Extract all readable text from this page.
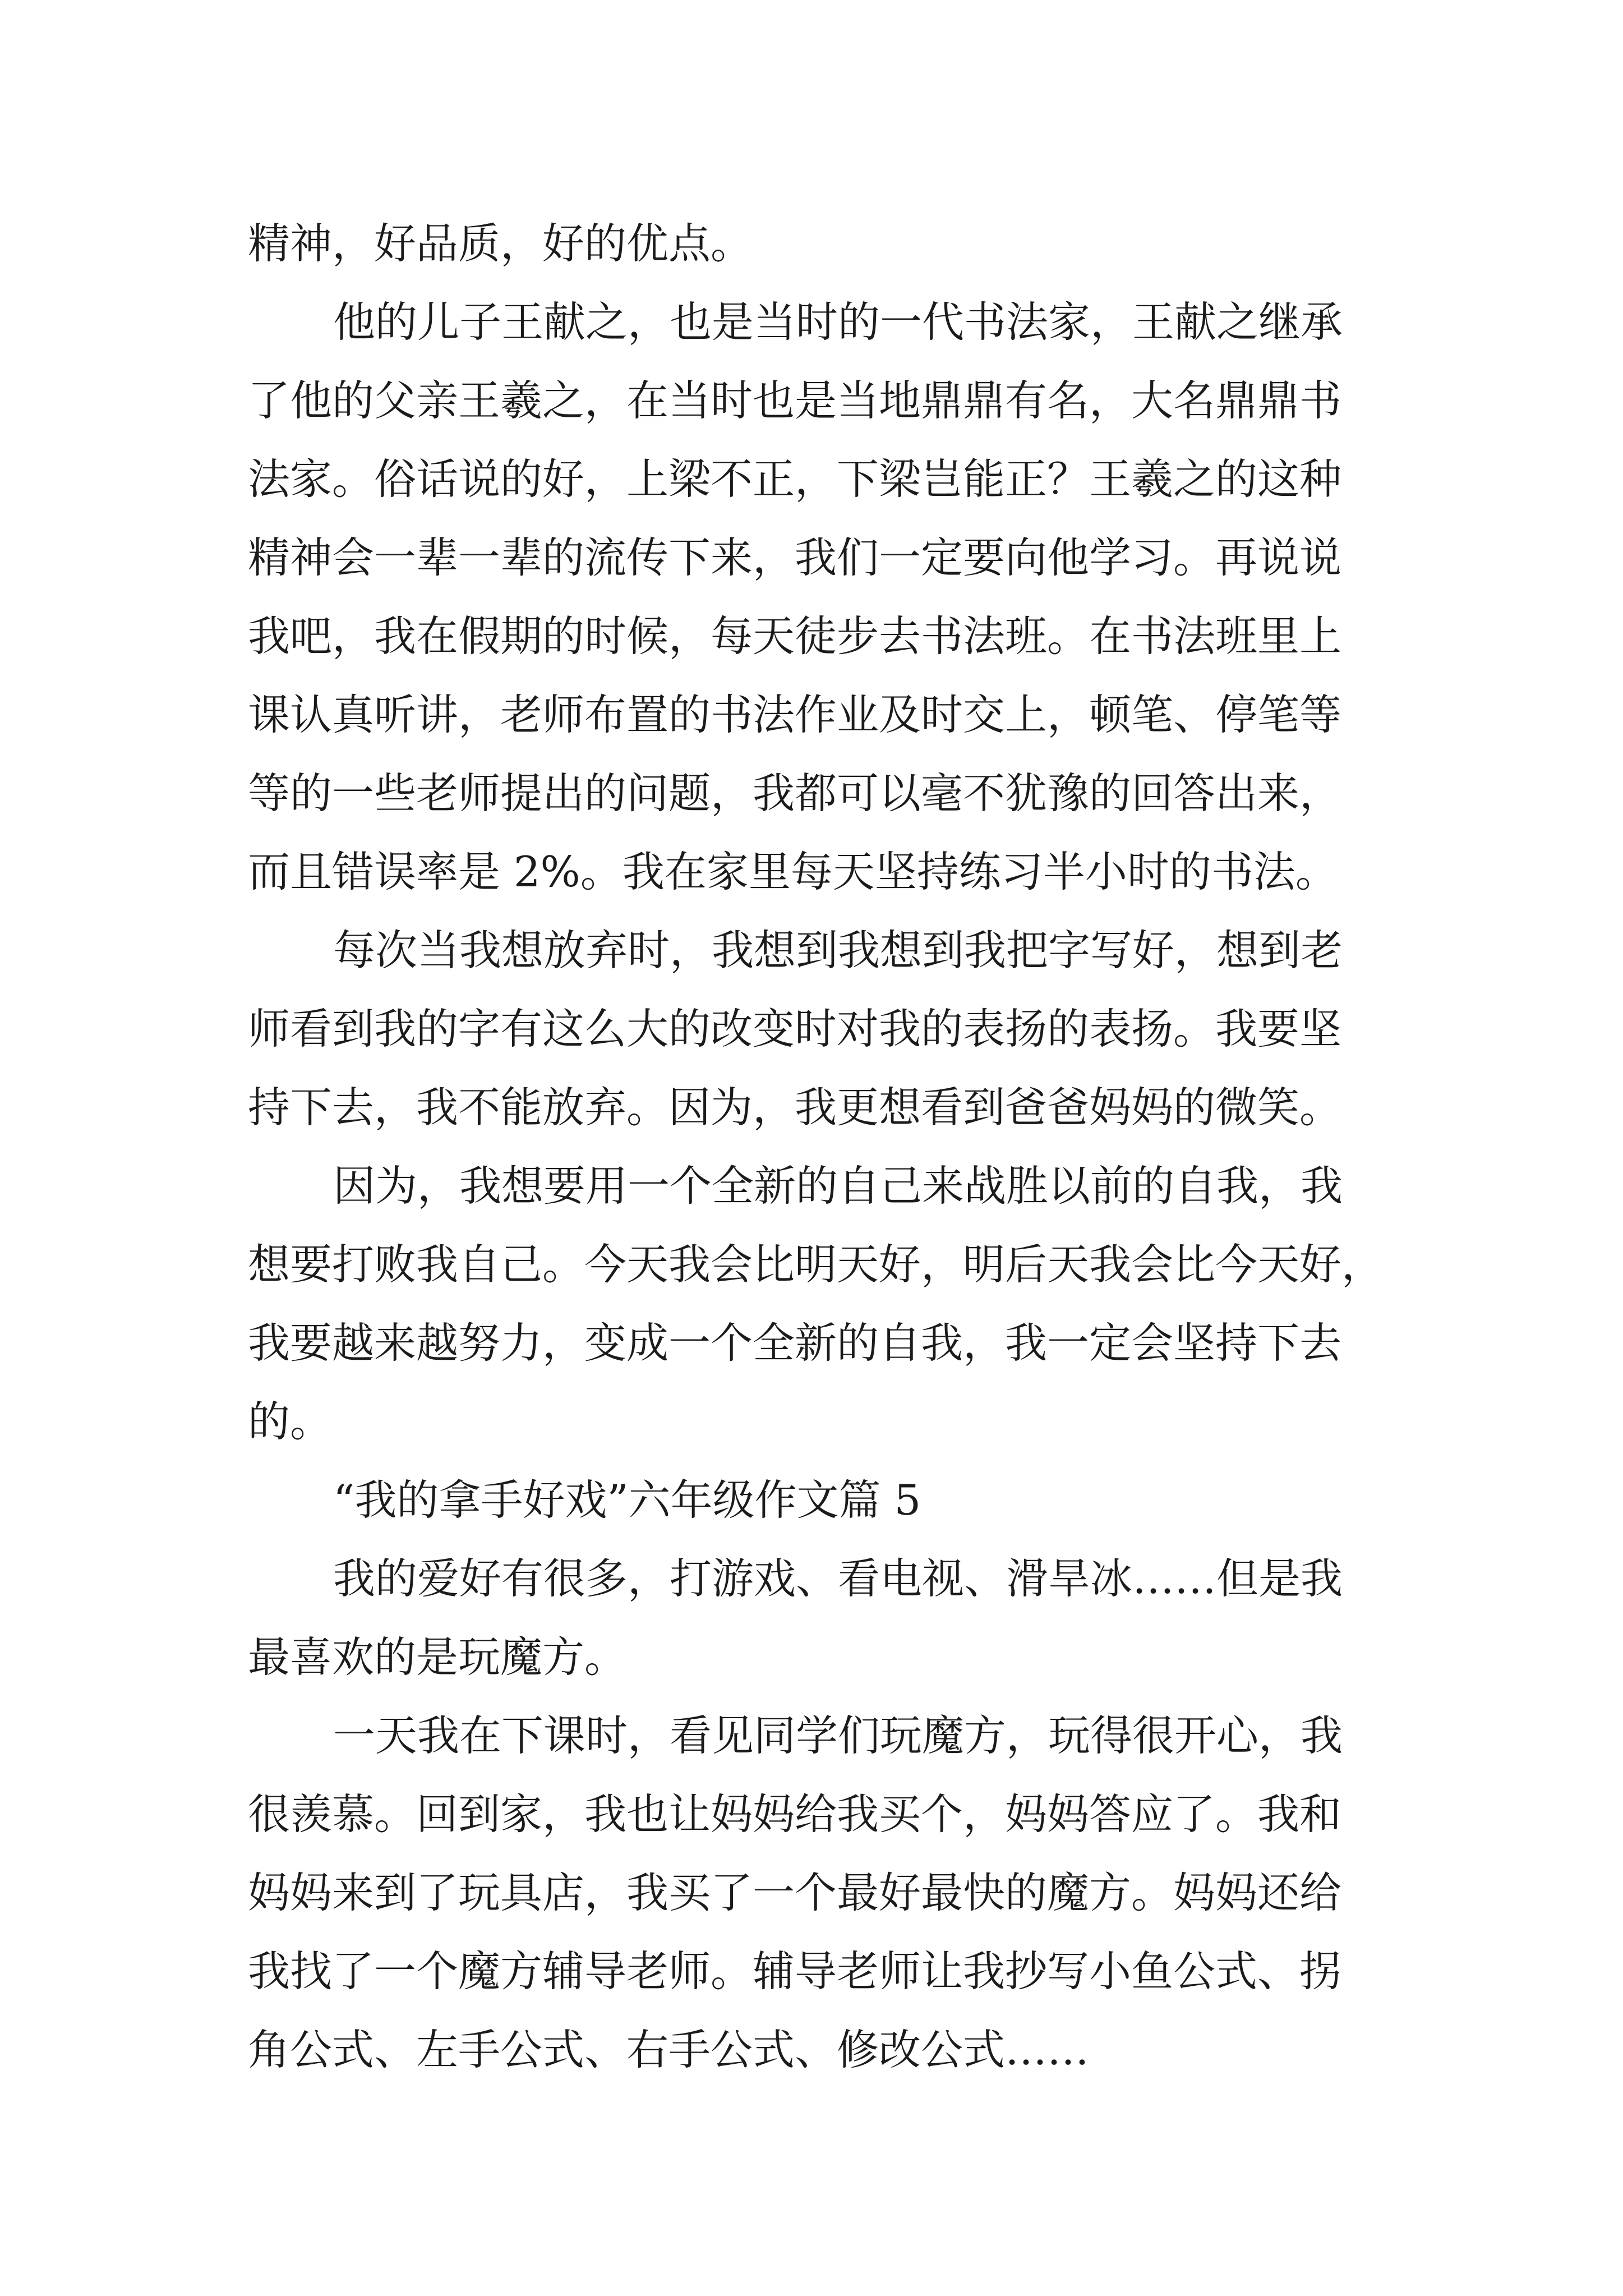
精神，好品质，好的优点。
他的儿子王献之，也是当时的一代书法家，王献之继承
了他的父亲王羲之，在当时也是当地鼎鼎有名，大名鼎鼎书
法家。俗话说的好，上梁不正，下梁岂能正？王羲之的这种
精神会一辈一辈的流传下来，我们一定要向他学习。再说说
我吧，我在假期的时候，每天徒步去书法班。在书法班里上
课认真听讲，老师布置的书法作业及时交上，顿笔、停笔等
等的一些老师提出的问题，我都可以毫不犹豫的回答出来，
而且错误率是 2%。我在家里每天坚持练习半小时的书法。
每次当我想放弃时，我想到我想到我把字写好，想到老
师看到我的字有这么大的改变时对我的表扬的表扬。我要坚
持下去，我不能放弃。因为，我更想看到爸爸妈妈的微笑。
因为，我想要用一个全新的自己来战胜以前的自我，我
想要打败我自己。今天我会比明天好，明后天我会比今天好，
我要越来越努力，变成一个全新的自我，我一定会坚持下去
的。
“我的拿手好戏”六年级作文篇 5
我的爱好有很多，打游戏、看电视、滑旱冰……但是我
最喜欢的是玩魔方。
一天我在下课时，看见同学们玩魔方，玩得很开心，我
很羡慕。回到家，我也让妈妈给我买个，妈妈答应了。我和
妈妈来到了玩具店，我买了一个最好最快的魔方。妈妈还给
我找了一个魔方辅导老师。辅导老师让我抄写小鱼公式、拐
角公式、左手公式、右手公式、修改公式……
